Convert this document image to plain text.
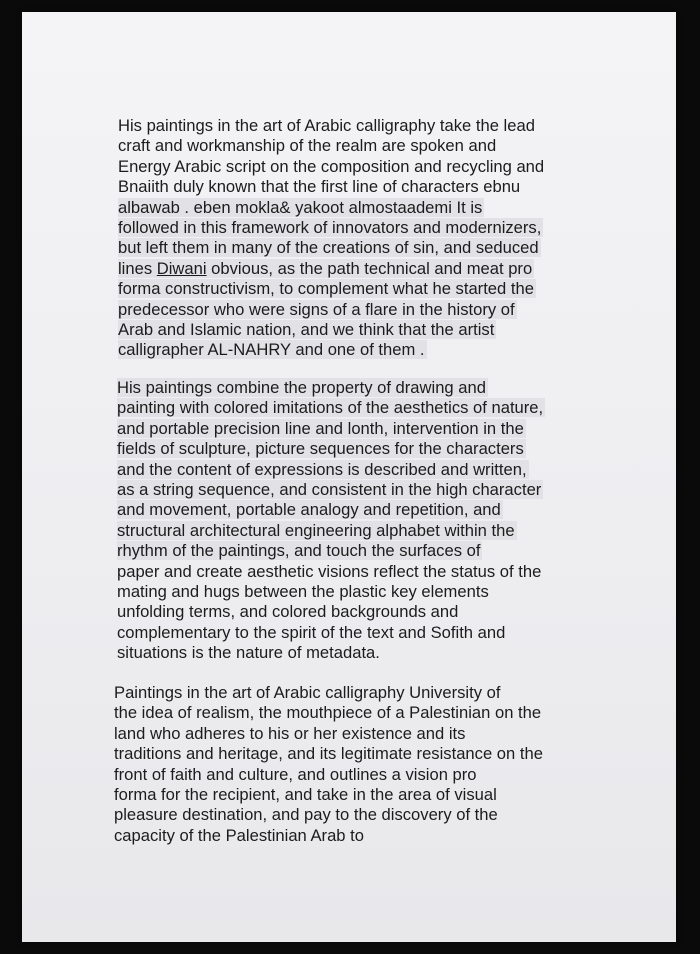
His paintings in the art of Arabic calligraphy take the lead
craft and workmanship of the realm are spoken and
Energy Arabic script on the composition and recycling and
Bnaiith duly known that the first line of characters ebnu
albawab . eben mokla& yakoot almostaademi It is
followed in this framework of innovators and modernizers,
but left them in many of the creations of sin, and seduced
lines Diwani obvious, as the path technical and meat pro
forma constructivism, to complement what he started the
predecessor who were signs of a flare in the history of
Arab and Islamic nation, and we think that the artist
calligrapher AL-NAHRY and one of them .
His paintings combine the property of drawing and
painting with colored imitations of the aesthetics of nature,
and portable precision line and lonth, intervention in the
fields of sculpture, picture sequences for the characters
and the content of expressions is described and written,
as a string sequence, and consistent in the high character
and movement, portable analogy and repetition, and
structural architectural engineering alphabet within the
rhythm of the paintings, and touch the surfaces of
paper and create aesthetic visions reflect the status of the
mating and hugs between the plastic key elements
unfolding terms, and colored backgrounds and
complementary to the spirit of the text and Sofith and
situations is the nature of metadata.
Paintings in the art of Arabic calligraphy University of
the idea of realism, the mouthpiece of a Palestinian on the
land who adheres to his or her existence and its
traditions and heritage, and its legitimate resistance on the
front of faith and culture, and outlines a vision pro
forma for the recipient, and take in the area of visual
pleasure destination, and pay to the discovery of the
capacity of the Palestinian Arab to
